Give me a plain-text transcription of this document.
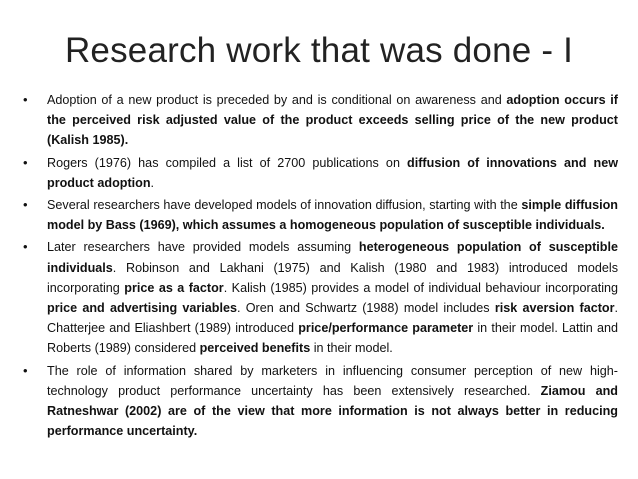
Research work that was done - I
• Adoption of a new product is preceded by and is conditional on awareness and adoption occurs if the perceived risk adjusted value of the product exceeds selling price of the new product (Kalish 1985).
• Rogers (1976) has compiled a list of 2700 publications on diffusion of innovations and new product adoption.
• Several researchers have developed models of innovation diffusion, starting with the simple diffusion model by Bass (1969), which assumes a homogeneous population of susceptible individuals.
• Later researchers have provided models assuming heterogeneous population of susceptible individuals. Robinson and Lakhani (1975) and Kalish (1980 and 1983) introduced models incorporating price as a factor. Kalish (1985) provides a model of individual behaviour incorporating price and advertising variables. Oren and Schwartz (1988) model includes risk aversion factor. Chatterjee and Eliashbert (1989) introduced price/performance parameter in their model. Lattin and Roberts (1989) considered perceived benefits in their model.
• The role of information shared by marketers in influencing consumer perception of new high-technology product performance uncertainty has been extensively researched. Ziamou and Ratneshwar (2002) are of the view that more information is not always better in reducing performance uncertainty.
